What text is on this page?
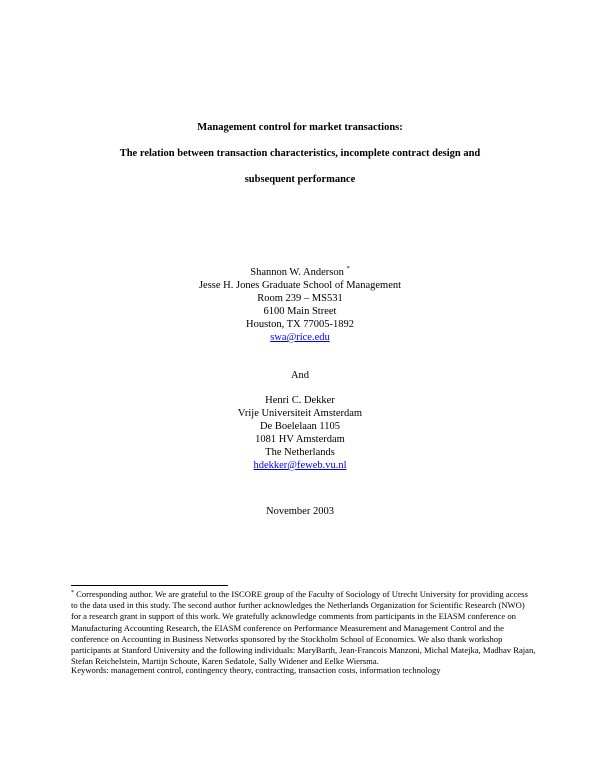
Management control for market transactions:

The relation between transaction characteristics, incomplete contract design and

subsequent performance

Shannon W. Anderson *
Jesse H. Jones Graduate School of Management
Room 239 – MS531
6100 Main Street
Houston, TX 77005-1892
swa@rice.edu
And
Henri C. Dekker
Vrije Universiteit Amsterdam
De Boelelaan 1105
1081 HV Amsterdam
The Netherlands
hdekker@feweb.vu.nl
November 2003
* Corresponding author. We are grateful to the ISCORE group of the Faculty of Sociology of Utrecht University for providing access to the data used in this study. The second author further acknowledges the Netherlands Organization for Scientific Research (NWO) for a research grant in support of this work. We gratefully acknowledge comments from participants in the EIASM conference on Manufacturing Accounting Research, the EIASM conference on Performance Measurement and Management Control and the conference on Accounting in Business Networks sponsored by the Stockholm School of Economics. We also thank workshop participants at Stanford University and the following individuals: MaryBarth, Jean-Francois Manzoni, Michal Matejka, Madhav Rajan, Stefan Reichelstein, Martijn Schoute, Karen Sedatole, Sally Widener and Eelke Wiersma.
Keywords: management control, contingency theory, contracting, transaction costs, information technology
